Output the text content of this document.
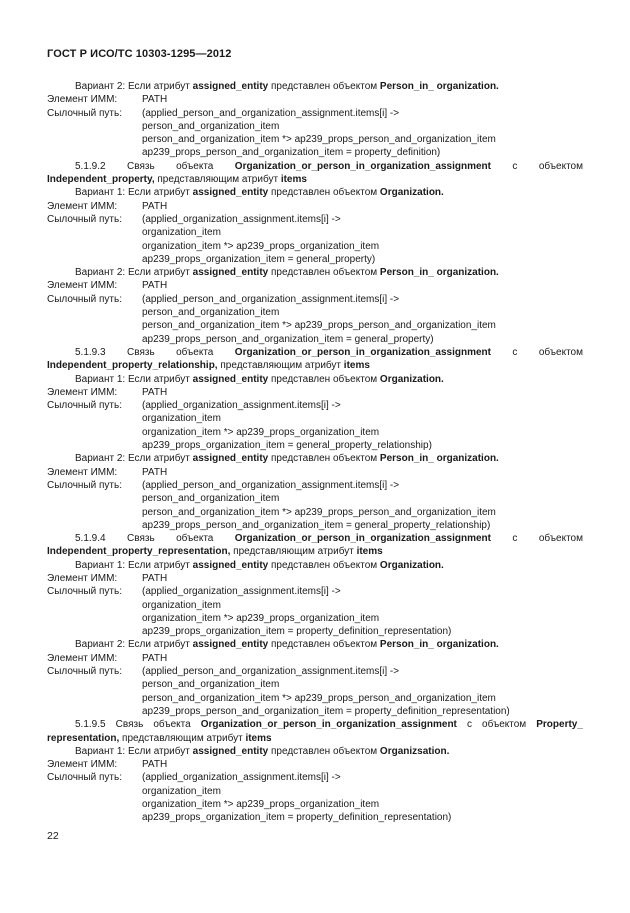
ГОСТ Р ИСО/ТС 10303-1295—2012
Вариант 2: Если атрибут assigned_entity представлен объектом Person_in_ organization.
Элемент ИММ: PATH
Сылочный путь: (applied_person_and_organization_assignment.items[i] ->
person_and_organization_item
person_and_organization_item *> ap239_props_person_and_organization_item
ap239_props_person_and_organization_item = property_definition)
5.1.9.2 Связь объекта Organization_or_person_in_organization_assignment с объектом
Independent_property, представляющим атрибут items
Вариант 1: Если атрибут assigned_entity представлен объектом Organization.
Элемент ИММ: PATH
Сылочный путь: (applied_organization_assignment.items[i] ->
organization_item
organization_item *> ap239_props_organization_item
ap239_props_organization_item = general_property)
Вариант 2: Если атрибут assigned_entity представлен объектом Person_in_ organization.
Элемент ИММ: PATH
Сылочный путь: (applied_person_and_organization_assignment.items[i] ->
person_and_organization_item
person_and_organization_item *> ap239_props_person_and_organization_item
ap239_props_person_and_organization_item = general_property)
5.1.9.3 Связь объекта Organization_or_person_in_organization_assignment с объектом
Independent_property_relationship, представляющим атрибут items
Вариант 1: Если атрибут assigned_entity представлен объектом Organization.
Элемент ИММ: PATH
Сылочный путь: (applied_organization_assignment.items[i] ->
organization_item
organization_item *> ap239_props_organization_item
ap239_props_organization_item = general_property_relationship)
Вариант 2: Если атрибут assigned_entity представлен объектом Person_in_ organization.
Элемент ИММ: PATH
Сылочный путь: (applied_person_and_organization_assignment.items[i] ->
person_and_organization_item
person_and_organization_item *> ap239_props_person_and_organization_item
ap239_props_person_and_organization_item = general_property_relationship)
5.1.9.4 Связь объекта Organization_or_person_in_organization_assignment с объектом
Independent_property_representation, представляющим атрибут items
Вариант 1: Если атрибут assigned_entity представлен объектом Organization.
Элемент ИММ: PATH
Сылочный путь: (applied_organization_assignment.items[i] ->
organization_item
organization_item *> ap239_props_organization_item
ap239_props_organization_item = property_definition_representation)
Вариант 2: Если атрибут assigned_entity представлен объектом Person_in_ organization.
Элемент ИММ: PATH
Сылочный путь: (applied_person_and_organization_assignment.items[i] ->
person_and_organization_item
person_and_organization_item *> ap239_props_person_and_organization_item
ap239_props_person_and_organization_item = property_definition_representation)
5.1.9.5 Связь объекта Organization_or_person_in_organization_assignment с объектом Property_
representation, представляющим атрибут items
Вариант 1: Если атрибут assigned_entity представлен объектом Organizsation.
Элемент ИММ: PATH
Сылочный путь: (applied_organization_assignment.items[i] ->
organization_item
organization_item *> ap239_props_organization_item
ap239_props_organization_item = property_definition_representation)
22
